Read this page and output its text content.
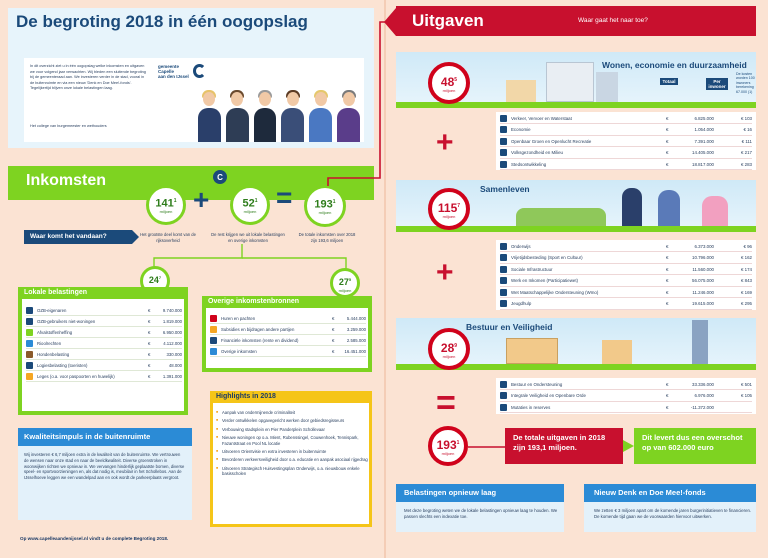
De begroting 2018 in één oogopslag
In dit overzicht ziet u in één oogopslag welke inkomsten en uitgaven we voor volgend jaar verwachten. Wij bleden een sluitende begroting bij de gemeenteraad aan. We investeren verder in de stad, vooral in de buitenruimte en via een nieuw 'Denk en Doe Mee!-fonds'. Tegelijkertijd blijven onze lokale belastingen laag.
Het college van burgemeester en wethouders
gemeente Capelle
aan den IJssel
Inkomsten
$141^1$
miljoen +
C
$52^1$
miljoen = $193^1$
miljoen
Waar komt het vandaan?	Het grootste deel komt van de rijksoverheid
De rest krijgen we uit lokale belastingen en overige inkomsten
De totale inkomsten over 2018 zijn 193,6 miljoen
$24^7$	$27^5$
miljoen
Lokale belastingen
OZB-eigenaren	€	9.740.000
OZB-gebruikers niet-woningen	€	1.819.000
Afvalstoffenheffing	€	6.950.000
Rioolrechten	€	4.112.000
Hondenbelasting	€	330.000
Logiesbelasting (toeristen)	€	48.000
Leges (o.a. voor paspoorten en huwelijk)	€	1.391.000
Overige inkomstenbronnen
Huren en pachten	€	5.444.000
Subsidies en bijdragen andere partijen	€	3.259.000
Financiële inkomsten (rente en dividend)	€	2.585.000
Overige inkomsten	€	16.451.000
Highlights in 2018
■ Aanpak van ondermijnende criminaliteit
■ Verder ontwikkelen opgavegericht werken door gebiedsregisseurs
■ Verbouwing stadsplein en Pier Panderplein Schollevaar
■ Nieuwe woningen op o.a. Mient, Rubenssingel, Couwenhoek, Tennispark, Fazantstraat en Pool NL locatie
■ Uitvoeren Orientvisie en extra investeren in buitenruimte
■ Bevorderen verkeersveiligheid door o.a. educatie en aanpak asociaal rijgedrag
■ Uitvoeren Strategisch Huisvestingsplan Onderwijs, o.a. nieuwbouw enkele basisscholen
Kwaliteitsimpuls in de buitenruimte
Wij investeren € 6,7 miljoen extra in de kwaliteit van de buitenruimte. We vertrouwen de wensen naar onze stad en naar de beeldkwaliteit. Diverse groenstroken in woonwijken richten we opnieuw in. We vervangen hinderlijk geplaatste bomen, diverse speel- en sportvoorzieningen en, als dat nodig is, meubilair in het Schollebos. Aan de IJsselhoeve leggen we een wandelpad aan en ook wordt de parkeerplaats vergroot.
Op www.capelleaandenijssel.nl vindt u de complete Begroting 2018.
Uitgaven	Waar gaat het naar toe?
Wonen, economie en duurzaamheid
Totaal	Per inwoner
De kosten worden 100 inwoners berekening 67.000 (1)
$48^5$
miljoen
Verkeer, Vervoer en Waterstaat	€	6.825.000	€ 103
Economie	€	1.054.000	€ 16
Openbaar Groen en Openlucht Recreatie	€	7.391.000	€ 111
Volksgezondheid en Milieu	€	14.405.000	€ 217
Stedsontwikkeling	€	18.817.000	€ 283
+
Samenleven
$115^7$
miljoen
Onderwijs	€	6.373.000	€ 96
Vrijetijdsbesteding (Sport en Cultuur)	€	10.796.000	€ 162
Sociale Infrastructuur	€	11.560.000	€ 174
Werk en Inkomen (Participatiewet)	€	56.075.000	€ 843
Wet Maatschappelijke Ondersteuning (Wmo)	€	11.246.000	€ 169
Jeugdhulp	€	19.615.000	€ 295
+
Bestuur en Veiligheid
$28^9$
miljoen
Bestuur en Ondersteuning	€	33.336.000	€ 501
Integrale Veiligheid en Openbare Orde	€	6.976.000	€ 105
Mutaties in reserves	€	-11.372.000
=
$193^1$
miljoen
De totale uitgaven in 2018 zijn 193,1 miljoen.
Dit levert dus een overschot op van 602.000 euro
Belastingen opnieuw laag
Met deze begroting weten we de lokale belastingen opnieuw laag te houden. We passen slechts een indexatie toe.
Nieuw Denk en Doe Mee!-fonds
We zetten € 3 miljoen apart om de komende jaren burgerinitiatieven te financieren. De komende tijd gaan we de voorwaarden hiervoor uitwerken.
